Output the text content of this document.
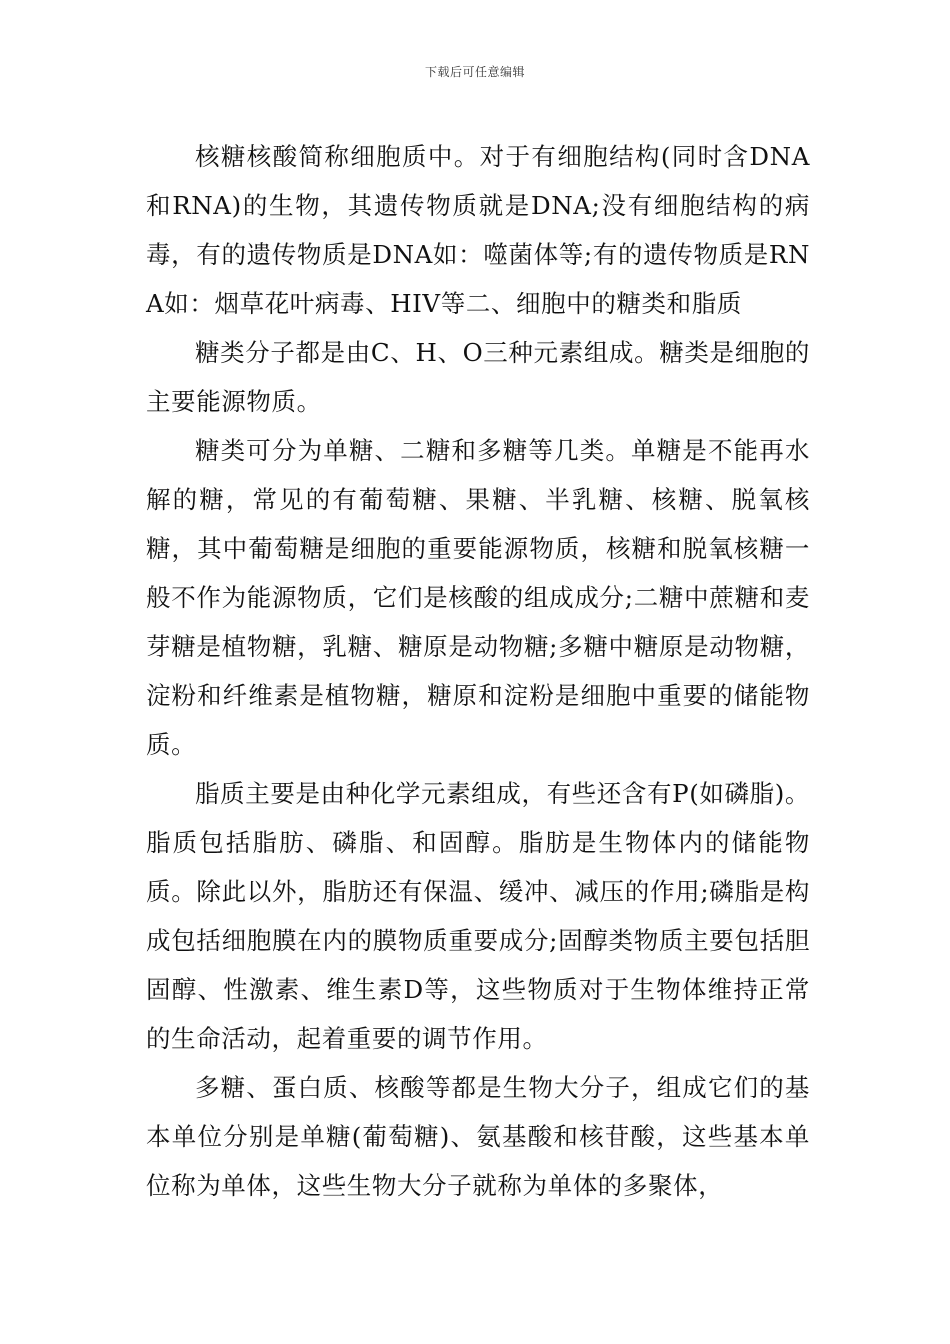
下载后可任意编辑

核糖核酸简称细胞质中。对于有细胞结构(同时含DNA和RNA)的生物，其遗传物质就是DNA;没有细胞结构的病毒，有的遗传物质是DNA如：噬菌体等;有的遗传物质是RNA如：烟草花叶病毒、HIV等二、细胞中的糖类和脂质

糖类分子都是由C、H、O三种元素组成。糖类是细胞的主要能源物质。

糖类可分为单糖、二糖和多糖等几类。单糖是不能再水解的糖，常见的有葡萄糖、果糖、半乳糖、核糖、脱氧核糖，其中葡萄糖是细胞的重要能源物质，核糖和脱氧核糖一般不作为能源物质，它们是核酸的组成成分;二糖中蔗糖和麦芽糖是植物糖，乳糖、糖原是动物糖;多糖中糖原是动物糖，淀粉和纤维素是植物糖，糖原和淀粉是细胞中重要的储能物质。

脂质主要是由种化学元素组成，有些还含有P(如磷脂)。脂质包括脂肪、磷脂、和固醇。脂肪是生物体内的储能物质。除此以外，脂肪还有保温、缓冲、减压的作用;磷脂是构成包括细胞膜在内的膜物质重要成分;固醇类物质主要包括胆固醇、性激素、维生素D等，这些物质对于生物体维持正常的生命活动，起着重要的调节作用。

多糖、蛋白质、核酸等都是生物大分子，组成它们的基本单位分别是单糖(葡萄糖)、氨基酸和核苷酸，这些基本单位称为单体，这些生物大分子就称为单体的多聚体，
